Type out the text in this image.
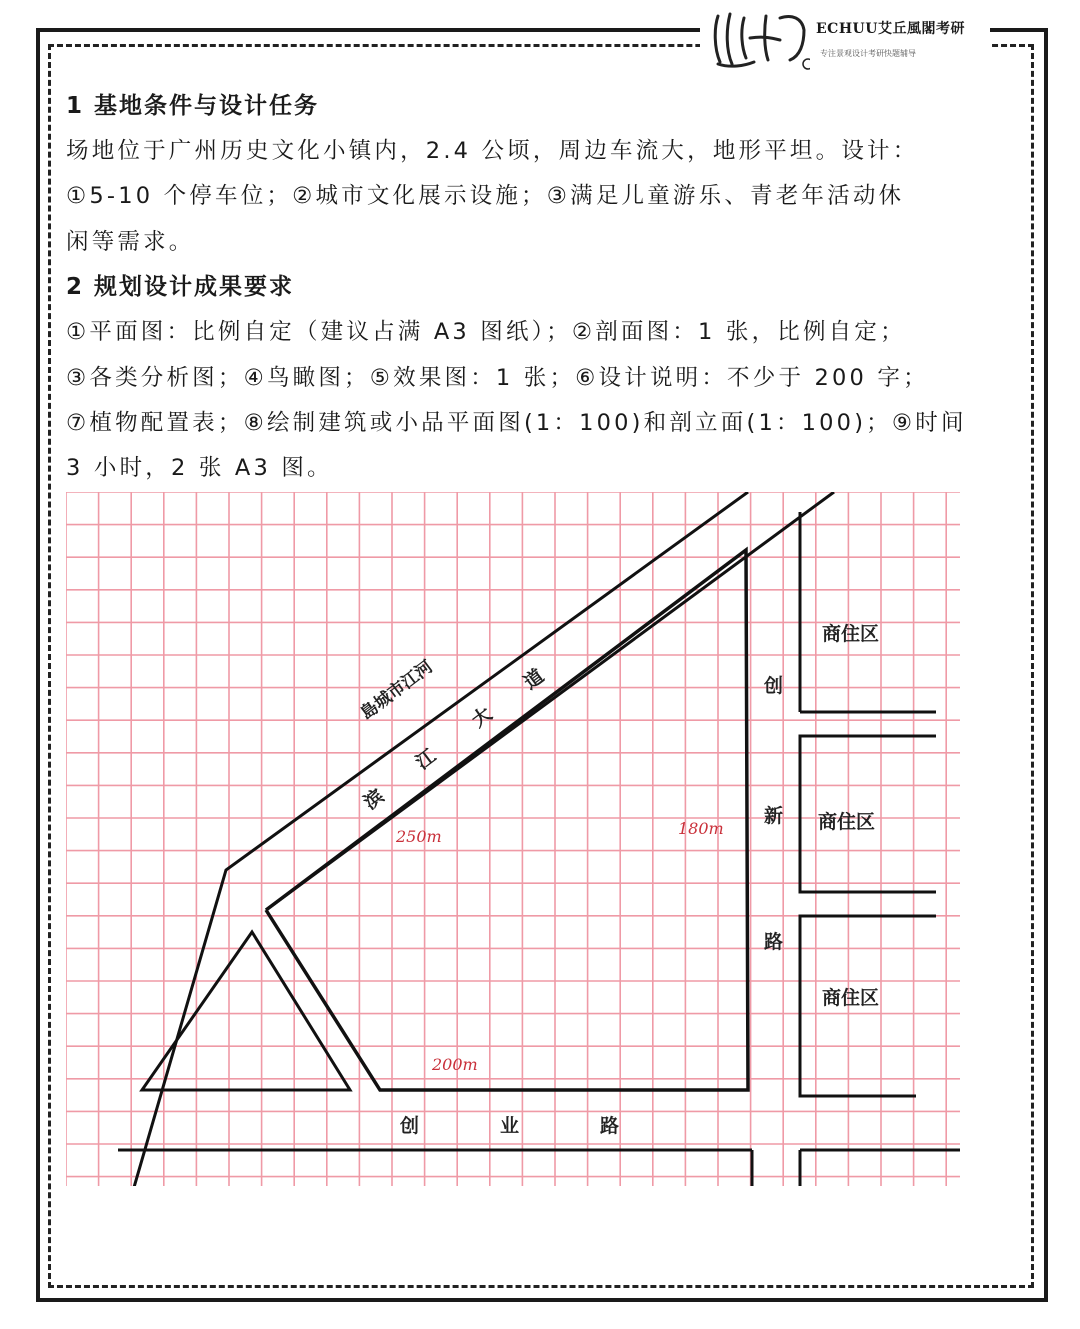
ECHUU艾丘風閣考研
专注景观设计考研快题辅导

1 基地条件与设计任务

场地位于广州历史文化小镇内，2.4 公顷，周边车流大，地形平坦。设计：

①5-10 个停车位；②城市文化展示设施；③满足儿童游乐、青老年活动休

闲等需求。

2 规划设计成果要求

①平面图：比例自定（建议占满 A3 图纸）；②剖面图：1 张，比例自定；

③各类分析图；④鸟瞰图；⑤效果图：1 张；⑥设计说明：不少于 200 字；

⑦植物配置表；⑧绘制建筑或小品平面图(1：100)和剖立面(1：100)；⑨时间

3 小时，2 张 A3 图。

島城市江河
滨
江
大
道	创
新
路
创	业	路
商住区
商住区
商住区
250m	180m
200m
